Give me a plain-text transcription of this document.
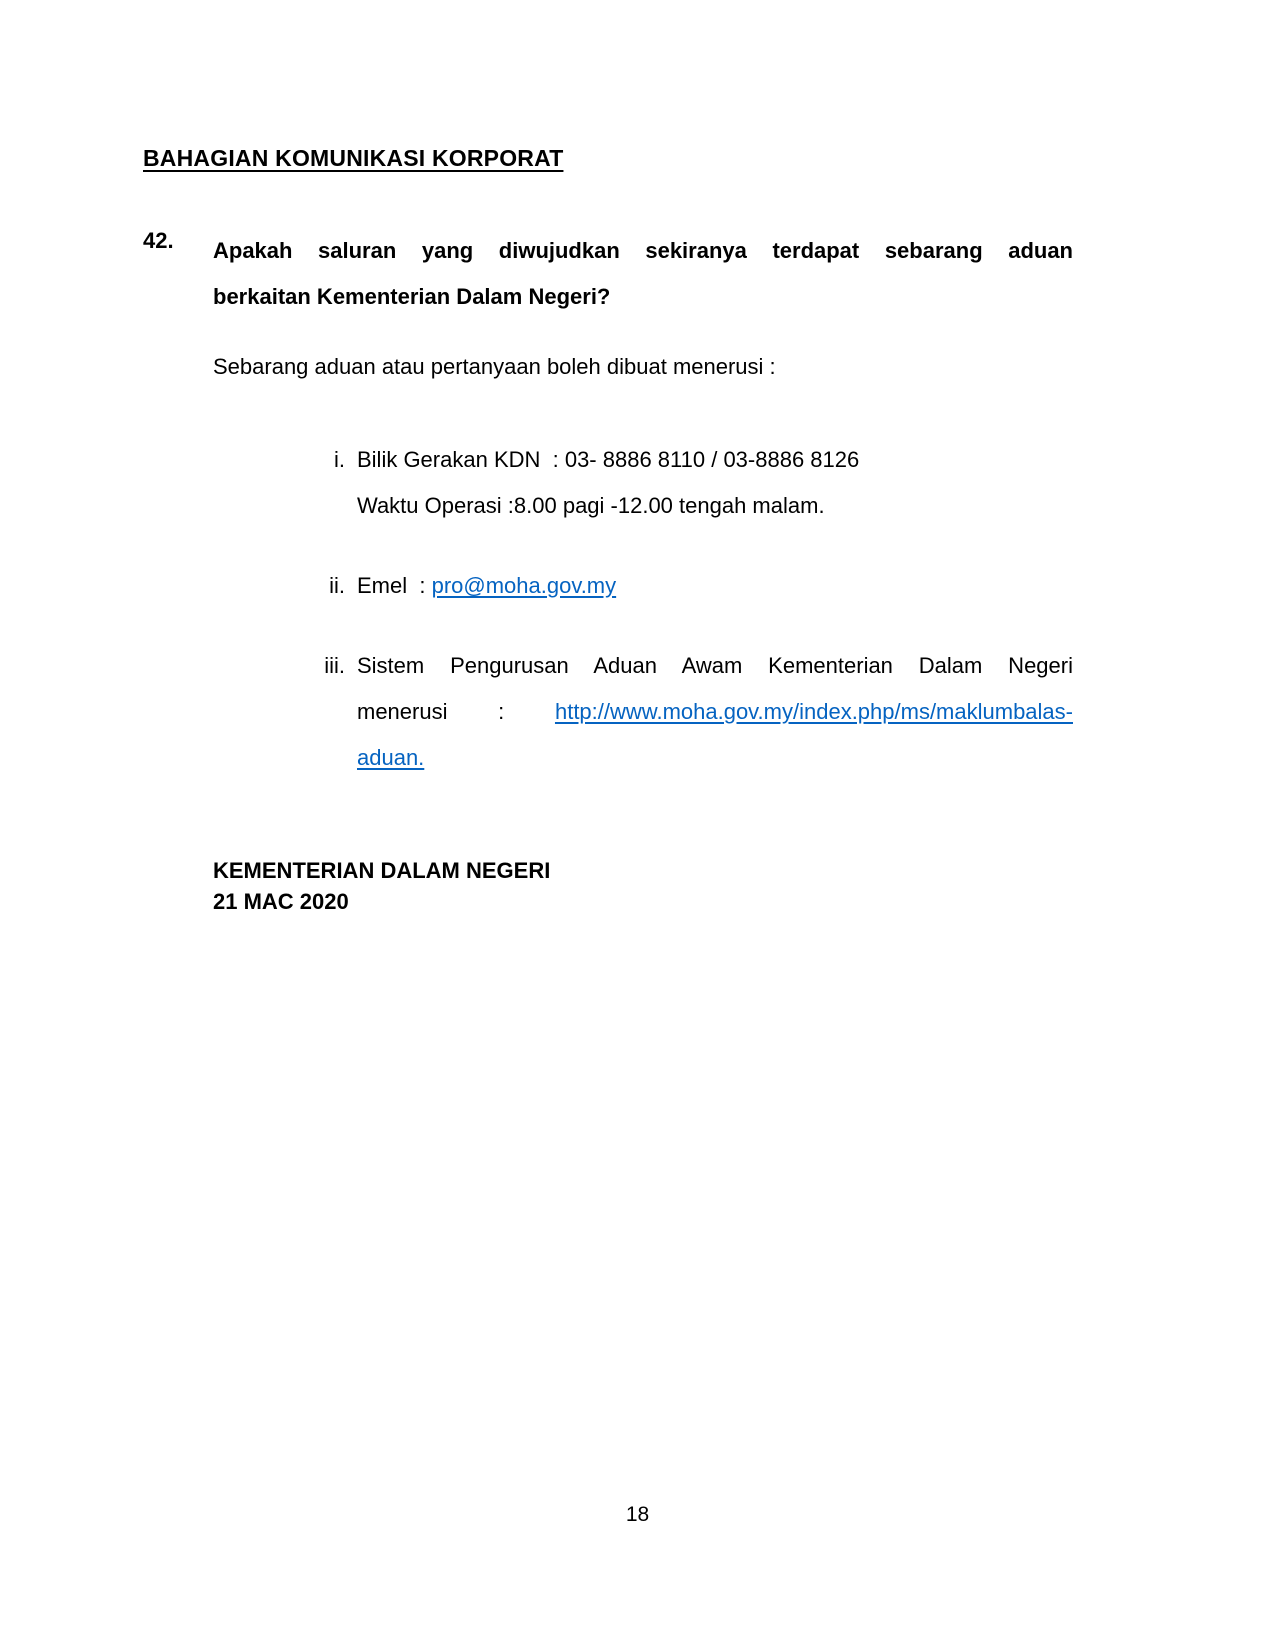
BAHAGIAN KOMUNIKASI KORPORAT
42.	Apakah saluran yang diwujudkan sekiranya terdapat sebarang aduan
berkaitan Kementerian Dalam Negeri?
Sebarang aduan atau pertanyaan boleh dibuat menerusi :
i. Bilik Gerakan KDN  : 03- 8886 8110 / 03-8886 8126
Waktu Operasi :8.00 pagi -12.00 tengah malam.
ii. Emel  : pro@moha.gov.my
iii. Sistem Pengurusan Aduan Awam Kementerian Dalam Negeri
menerusi : http://www.moha.gov.my/index.php/ms/maklumbalas-
aduan.
KEMENTERIAN DALAM NEGERI
21 MAC 2020
18
